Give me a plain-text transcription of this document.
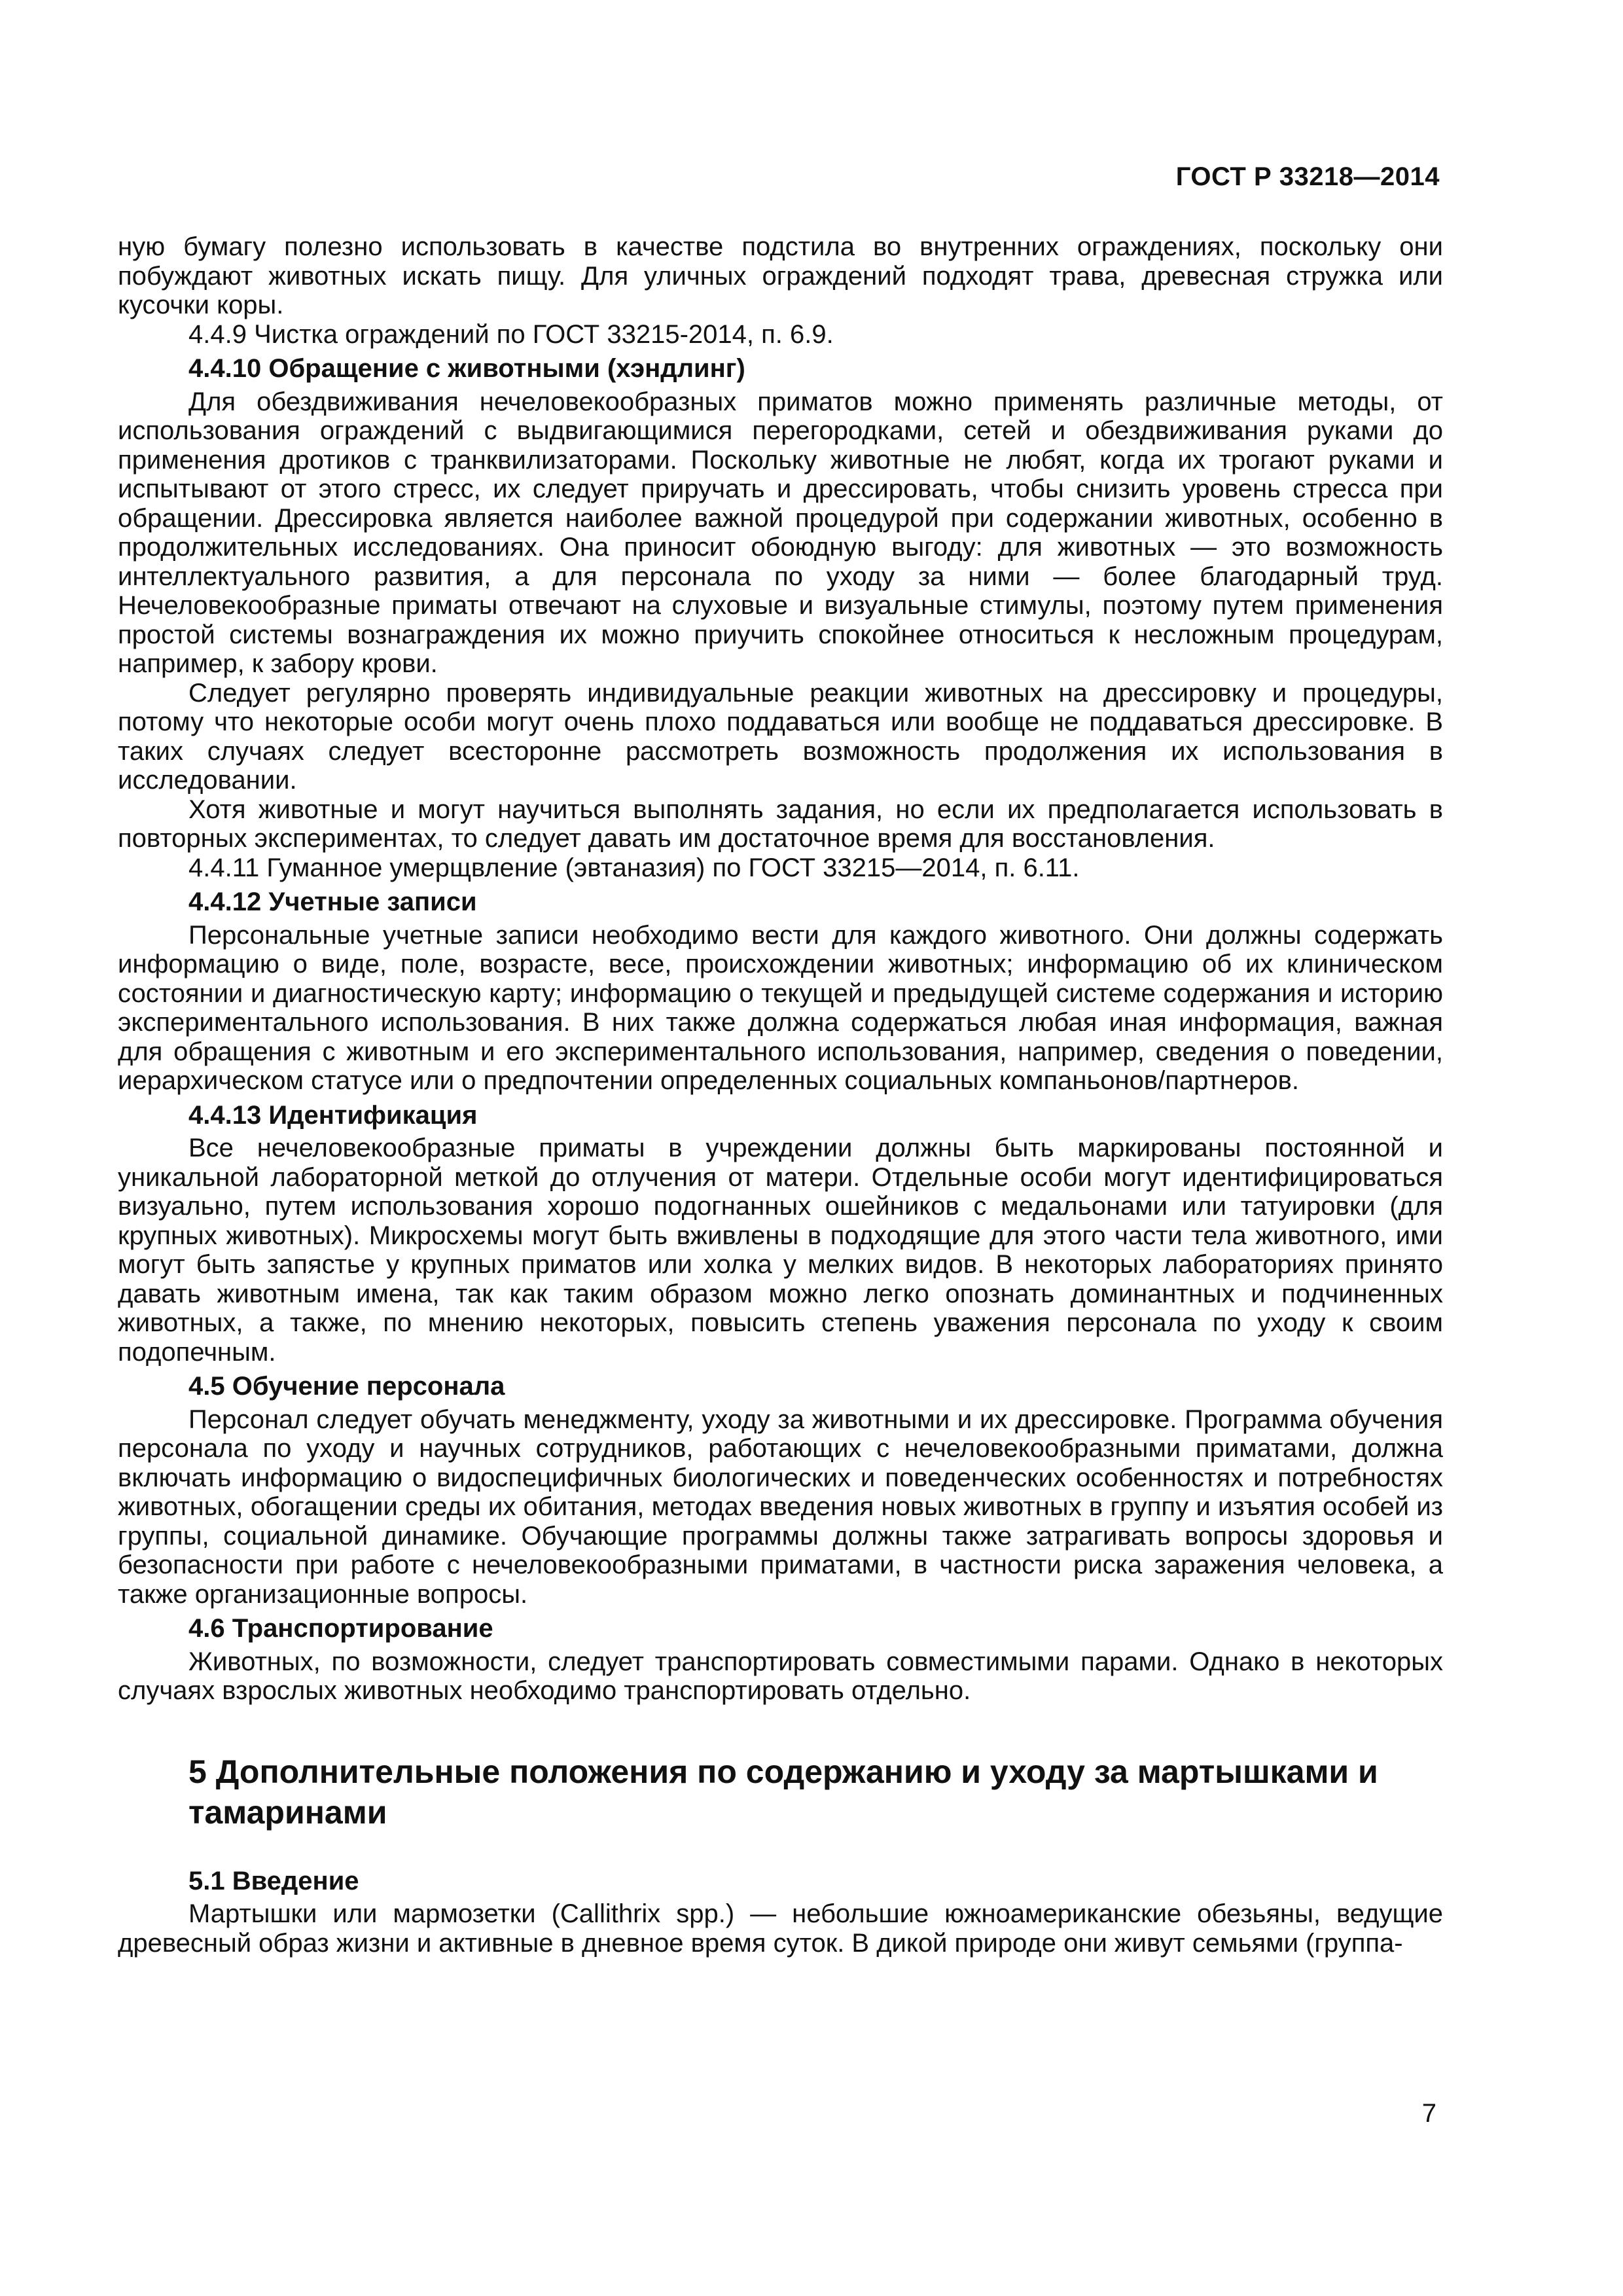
ГОСТ Р 33218—2014

ную бумагу полезно использовать в качестве подстила во внутренних ограждениях, поскольку они побуждают животных искать пищу. Для уличных ограждений подходят трава, древесная стружка или кусочки коры.

4.4.9 Чистка ограждений по ГОСТ 33215-2014, п. 6.9.

4.4.10 Обращение с животными (хэндлинг)

Для обездвиживания нечеловекообразных приматов можно применять различные методы, от использования ограждений с выдвигающимися перегородками, сетей и обездвиживания руками до применения дротиков с транквилизаторами. Поскольку животные не любят, когда их трогают руками и испытывают от этого стресс, их следует приручать и дрессировать, чтобы снизить уровень стресса при обращении. Дрессировка является наиболее важной процедурой при содержании животных, особенно в продолжительных исследованиях. Она приносит обоюдную выгоду: для животных — это возможность интеллектуального развития, а для персонала по уходу за ними — более благодарный труд. Нечеловекообразные приматы отвечают на слуховые и визуальные стимулы, поэтому путем применения простой системы вознаграждения их можно приучить спокойнее относиться к несложным процедурам, например, к забору крови.

Следует регулярно проверять индивидуальные реакции животных на дрессировку и процедуры, потому что некоторые особи могут очень плохо поддаваться или вообще не поддаваться дрессировке. В таких случаях следует всесторонне рассмотреть возможность продолжения их использования в исследовании.

Хотя животные и могут научиться выполнять задания, но если их предполагается использовать в повторных экспериментах, то следует давать им достаточное время для восстановления.

4.4.11 Гуманное умерщвление (эвтаназия) по ГОСТ 33215—2014, п. 6.11.

4.4.12 Учетные записи

Персональные учетные записи необходимо вести для каждого животного. Они должны содержать информацию о виде, поле, возрасте, весе, происхождении животных; информацию об их клиническом состоянии и диагностическую карту; информацию о текущей и предыдущей системе содержания и историю экспериментального использования. В них также должна содержаться любая иная информация, важная для обращения с животным и его экспериментального использования, например, сведения о поведении, иерархическом статусе или о предпочтении определенных социальных компаньонов/партнеров.

4.4.13 Идентификация

Все нечеловекообразные приматы в учреждении должны быть маркированы постоянной и уникальной лабораторной меткой до отлучения от матери. Отдельные особи могут идентифицироваться визуально, путем использования хорошо подогнанных ошейников с медальонами или татуировки (для крупных животных). Микросхемы могут быть вживлены в подходящие для этого части тела животного, ими могут быть запястье у крупных приматов или холка у мелких видов. В некоторых лабораториях принято давать животным имена, так как таким образом можно легко опознать доминантных и подчиненных животных, а также, по мнению некоторых, повысить степень уважения персонала по уходу к своим подопечным.

4.5 Обучение персонала

Персонал следует обучать менеджменту, уходу за животными и их дрессировке. Программа обучения персонала по уходу и научных сотрудников, работающих с нечеловекообразными приматами, должна включать информацию о видоспецифичных биологических и поведенческих особенностях и потребностях животных, обогащении среды их обитания, методах введения новых животных в группу и изъятия особей из группы, социальной динамике. Обучающие программы должны также затрагивать вопросы здоровья и безопасности при работе с нечеловекообразными приматами, в частности риска заражения человека, а также организационные вопросы.

4.6 Транспортирование

Животных, по возможности, следует транспортировать совместимыми парами. Однако в некоторых случаях взрослых животных необходимо транспортировать отдельно.

5 Дополнительные положения по содержанию и уходу за мартышками и тамаринами
5.1 Введение

Мартышки или мармозетки (Callithrix spp.) — небольшие южноамериканские обезьяны, ведущие древесный образ жизни и активные в дневное время суток. В дикой природе они живут семьями (группа-

7
